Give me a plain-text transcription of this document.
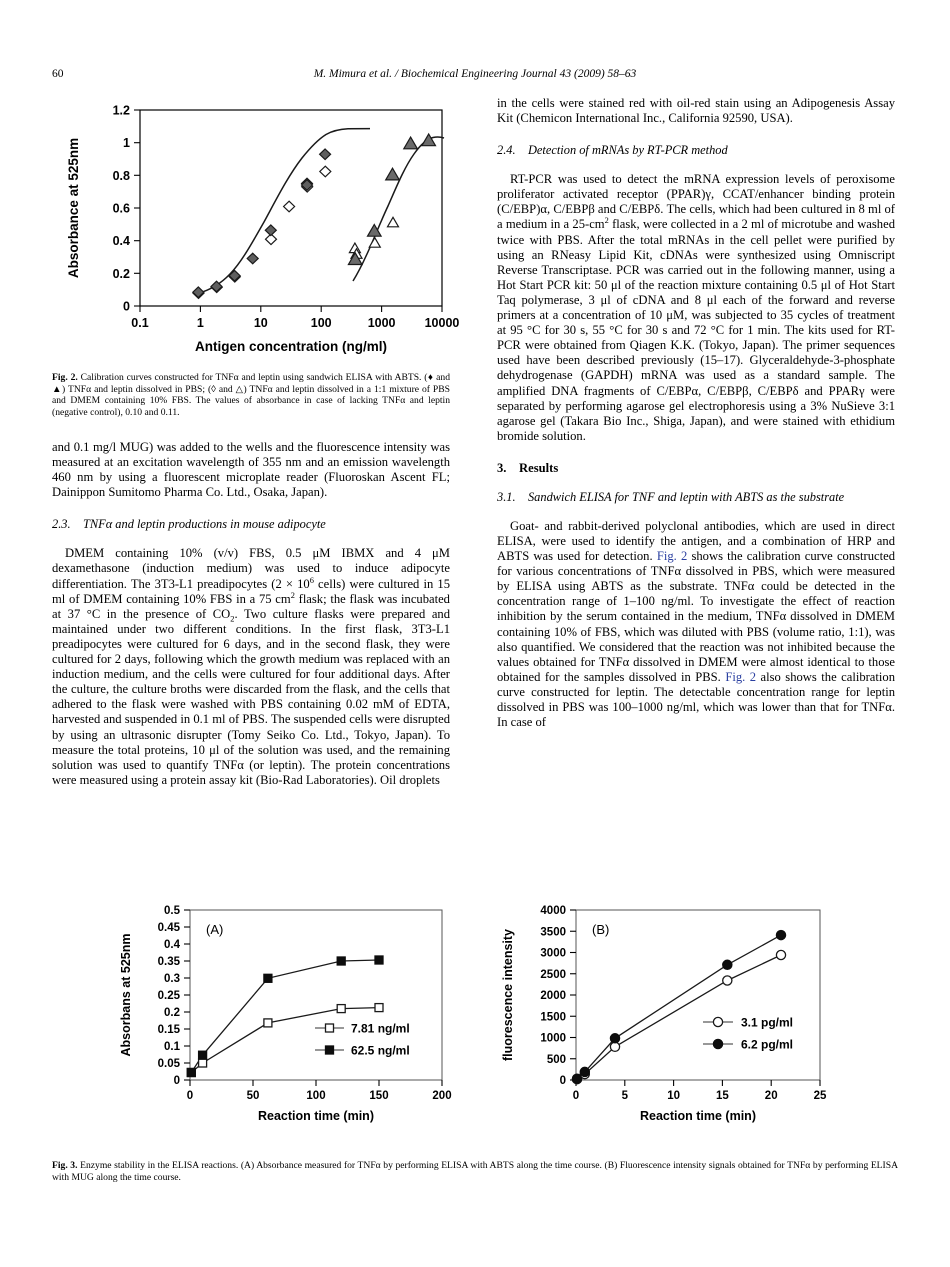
60	M. Mimura et al. / Biochemical Engineering Journal 43 (2009) 58–63
0
0.2
0.4
0.6
0.8
1
1.2
0.1	1	10	100	1000 10000
Absorbance at 525nm
Antigen concentration (ng/ml)
Fig. 2. Calibration curves constructed for TNFα and leptin using sandwich ELISA with ABTS. (♦ and ▲) TNFα and leptin dissolved in PBS; (◊ and △) TNFα and leptin dissolved in a 1:1 mixture of PBS and DMEM containing 10% FBS. The values of absorbance in case of lacking TNFα and leptin (negative control), 0.10 and 0.11.

and 0.1 mg/l MUG) was added to the wells and the fluorescence intensity was measured at an excitation wavelength of 355 nm and an emission wavelength 460 nm by using a fluorescent microplate reader (Fluoroskan Ascent FL; Dainippon Sumitomo Pharma Co. Ltd., Osaka, Japan).

2.3. TNFα and leptin productions in mouse adipocyte

DMEM containing 10% (v/v) FBS, 0.5 μM IBMX and 4 μM dexamethasone (induction medium) was used to induce adipocyte differentiation. The 3T3-L1 preadipocytes ($2 \times 10^6$ cells) were cultured in 15 ml of DMEM containing 10% FBS in a 75 $cm^2$ flask; the flask was incubated at 37 °C in the presence of $CO_2$. Two culture flasks were prepared and maintained under two different conditions. In the first flask, 3T3-L1 preadipocytes were cultured for 6 days, and in the second flask, they were cultured for 2 days, following which the growth medium was replaced with an induction medium, and the cells were cultured for four additional days. After the culture, the culture broths were discarded from the flask, and the cells that adhered to the flask were washed with PBS containing 0.02 mM of EDTA, harvested and suspended in 0.1 ml of PBS. The suspended cells were disrupted by using an ultrasonic disrupter (Tomy Seiko Co. Ltd., Tokyo, Japan). To measure the total proteins, 10 μl of the solution was used, and the remaining solution was used to quantify TNFα (or leptin). The protein concentrations were measured using a protein assay kit (Bio-Rad Laboratories). Oil droplets

in the cells were stained red with oil-red stain using an Adipogenesis Assay Kit (Chemicon International Inc., California 92590, USA).

2.4. Detection of mRNAs by RT-PCR method

RT-PCR was used to detect the mRNA expression levels of peroxisome proliferator activated receptor (PPAR)γ, CCAT/enhancer binding protein (C/EBP)α, C/EBPβ and C/EBPδ. The cells, which had been cultured in 8 ml of a medium in a $25-cm^2$ flask, were collected in a 2 ml of microtube and washed twice with PBS. After the total mRNAs in the cell pellet were purified by using an RNeasy Lipid Kit, cDNAs were synthesized using Omniscript Reverse Transcriptase. PCR was carried out in the following manner, using a Hot Start PCR kit: 50 μl of the reaction mixture containing 0.5 μl of Hot Start Taq polymerase, 3 μl of cDNA and 8 μl each of the forward and reverse primers at a concentration of 10 μM, was subjected to 35 cycles of treatment at 95 °C for 30 s, 55 °C for 30 s and 72 °C for 1 min. The kits used for RT-PCR were obtained from Qiagen K.K. (Tokyo, Japan). The primer sequences used have been described previously (15–17). Glyceraldehyde-3-phosphate dehydrogenase (GAPDH) mRNA was used as a standard sample. The amplified DNA fragments of C/EBPα, C/EBPβ, C/EBPδ and PPARγ were separated by performing agarose gel electrophoresis using a 3% NuSieve 3:1 agarose gel (Takara Bio Inc., Shiga, Japan), and were stained with ethidium bromide solution.

3. Results
3.1. Sandwich ELISA for TNF and leptin with ABTS as the substrate

Goat- and rabbit-derived polyclonal antibodies, which are used in direct ELISA, were used to identify the antigen, and a combination of HRP and ABTS was used for detection. Fig. 2 shows the calibration curve constructed for various concentrations of TNFα dissolved in PBS, which were measured by ELISA using ABTS as the substrate. TNFα could be detected in the concentration range of 1–100 ng/ml. To investigate the effect of reaction inhibition by the serum contained in the medium, TNFα dissolved in DMEM containing 10% of FBS, which was diluted with PBS (volume ratio, 1:1), was also quantified. We considered that the reaction was not inhibited because the values obtained for TNFα dissolved in DMEM were almost identical to those obtained for the samples dissolved in PBS. Fig. 2 also shows the calibration curve constructed for leptin. The detectable concentration range for leptin dissolved in PBS was 100–1000 ng/ml, which was lower than that for TNFα. In case of

0
0.05
0.1
0.15
0.2
0.25
0.3
0.35
0.4
0.45
0.5
0	50	100	150	200
Absorbans at 525nm
Reaction time (min)
(A)
7.81 ng/ml
62.5 ng/ml
0
500
1000
1500
2000
2500
3000
3500
4000
0	5	10	15	20	25
fluorescence intensity
Reaction time (min)
(B)
3.1 pg/ml
6.2 pg/ml
Fig. 3. Enzyme stability in the ELISA reactions. (A) Absorbance measured for TNFα by performing ELISA with ABTS along the time course. (B) Fluorescence intensity signals obtained for TNFα by performing ELISA with MUG along the time course.
